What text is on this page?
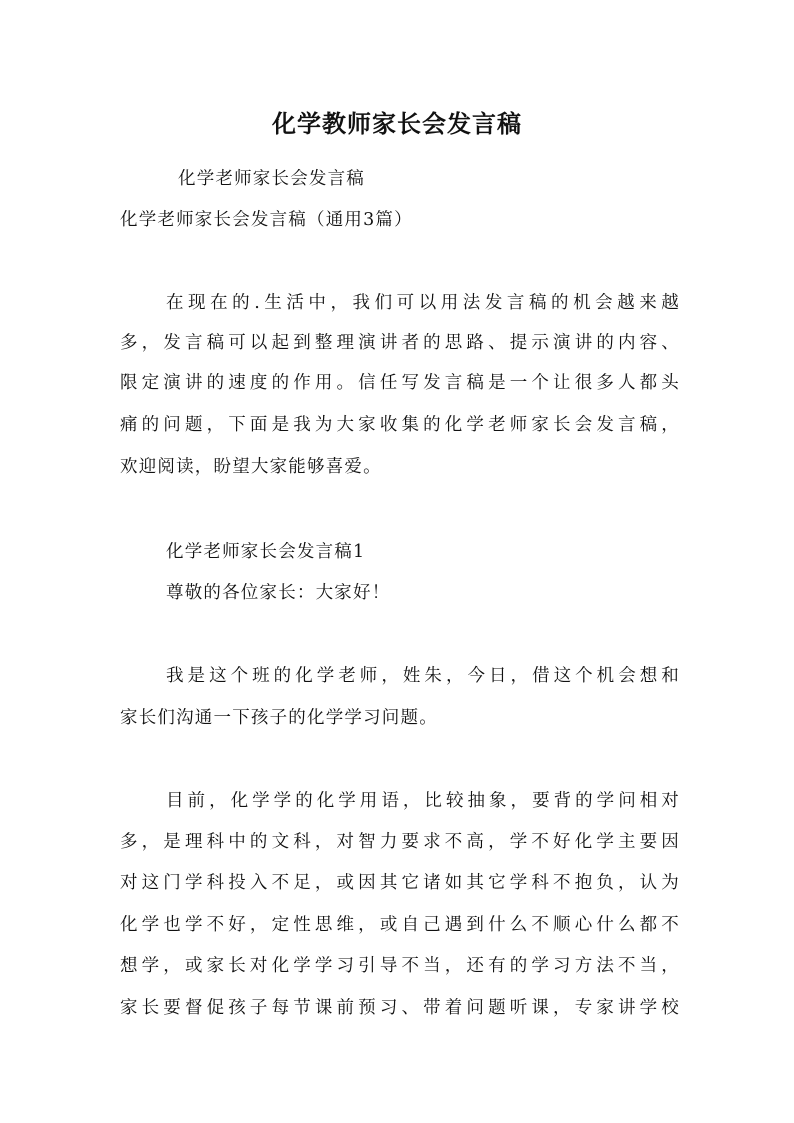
化学教师家长会发言稿
化学老师家长会发言稿
化学老师家长会发言稿（通用3篇）
在现在的.生活中，我们可以用法发言稿的机会越来越
多，发言稿可以起到整理演讲者的思路、提示演讲的内容、
限定演讲的速度的作用。信任写发言稿是一个让很多人都头
痛的问题，下面是我为大家收集的化学老师家长会发言稿，
欢迎阅读，盼望大家能够喜爱。
化学老师家长会发言稿1
尊敬的各位家长：大家好！
我是这个班的化学老师，姓朱，今日，借这个机会想和
家长们沟通一下孩子的化学学习问题。
目前，化学学的化学用语，比较抽象，要背的学问相对
多，是理科中的文科，对智力要求不高，学不好化学主要因
对这门学科投入不足，或因其它诸如其它学科不抱负，认为
化学也学不好，定性思维，或自己遇到什么不顺心什么都不
想学，或家长对化学学习引导不当，还有的学习方法不当，
家长要督促孩子每节课前预习、带着问题听课，专家讲学校
